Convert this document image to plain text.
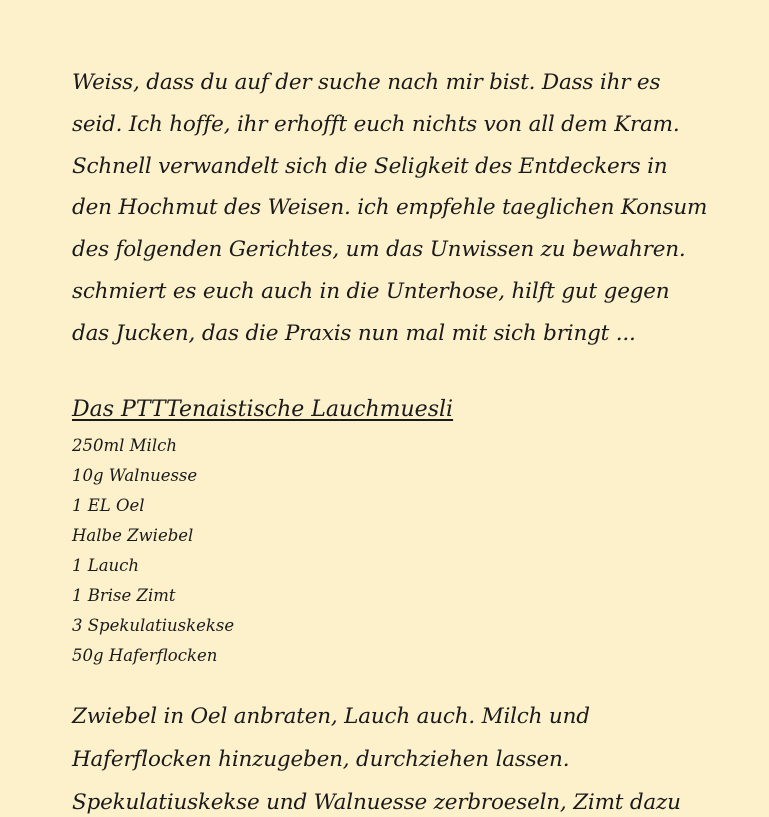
Weiss, dass du auf der suche nach mir bist. Dass ihr es

seid. Ich hoffe, ihr erhofft euch nichts von all dem Kram.

Schnell verwandelt sich die Seligkeit des Entdeckers in

den Hochmut des Weisen. ich empfehle taeglichen Konsum

des folgenden Gerichtes, um das Unwissen zu bewahren.

schmiert es euch auch in die Unterhose, hilft gut gegen

das Jucken, das die Praxis nun mal mit sich bringt ...

Das PTTTenaistische Lauchmuesli
250ml Milch
10g Walnuesse
1 EL Oel
Halbe Zwiebel
1 Lauch
1 Brise Zimt
3 Spekulatiuskekse
50g Haferflocken

Zwiebel in Oel anbraten, Lauch auch. Milch und

Haferflocken hinzugeben, durchziehen lassen.

Spekulatiuskekse und Walnuesse zerbroeseln, Zimt dazu
